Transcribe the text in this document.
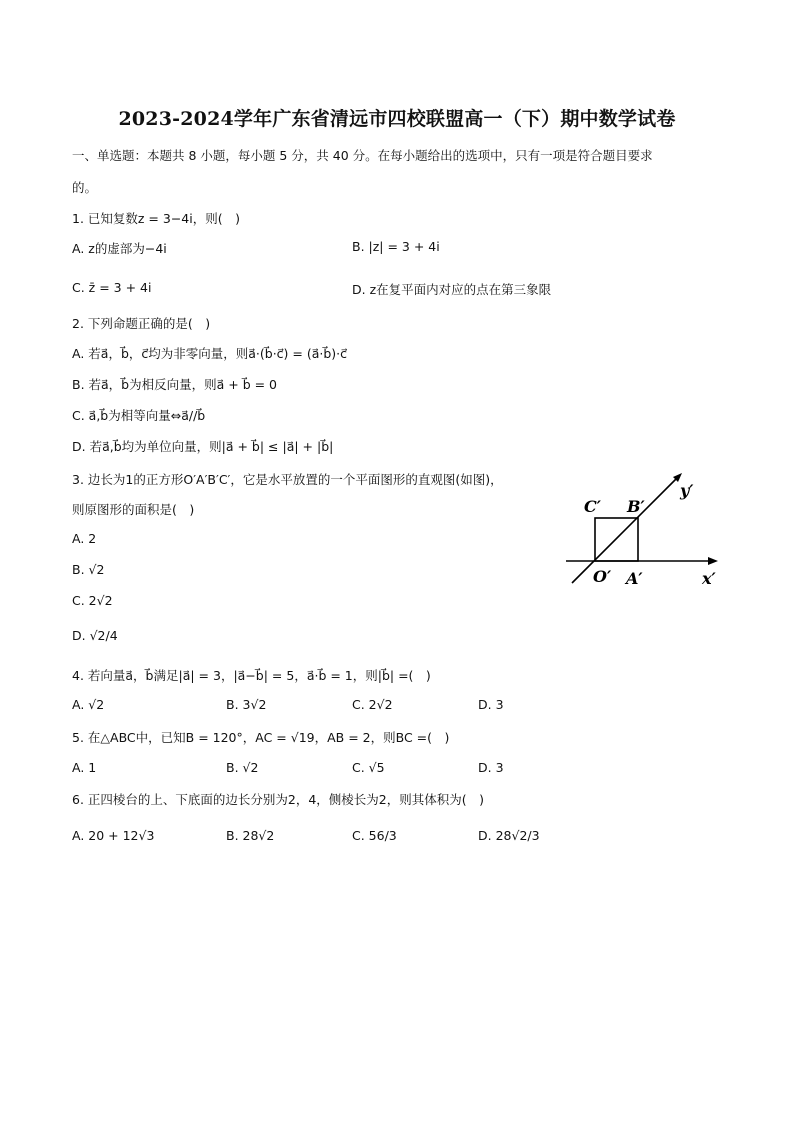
2023-2024学年广东省清远市四校联盟高一（下）期中数学试卷
一、单选题：本题共 8 小题，每小题 5 分，共 40 分。在每小题给出的选项中，只有一项是符合题目要求
的。
1. 已知复数z = 3−4i，则(　)
A. z的虚部为−4i	B. |z| = 3 + 4i
C. z̄ = 3 + 4i	D. z在复平面内对应的点在第三象限
2. 下列命题正确的是(　)
A. 若a⃗，b⃗，c⃗均为非零向量，则a⃗·(b⃗·c⃗) = (a⃗·b⃗)·c⃗
B. 若a⃗，b⃗为相反向量，则a⃗ + b⃗ = 0
C. a⃗,b⃗为相等向量⇔a⃗//b⃗
D. 若a⃗,b⃗均为单位向量，则|a⃗ + b⃗| ≤ |a⃗| + |b⃗|
3. 边长为1的正方形O′A′B′C′，它是水平放置的一个平面图形的直观图(如图)，
则原图形的面积是(　)
A. 2
B. √2
C. 2√2
D. √2/4
C′ B′
O′ A′	x′
y′
4. 若向量a⃗，b⃗满足|a⃗| = 3，|a⃗−b⃗| = 5，a⃗·b⃗ = 1，则|b⃗| =(　)
A. √2	B. 3√2	C. 2√2	D. 3
5. 在△ABC中，已知B = 120°，AC = √19，AB = 2，则BC =(　)
A. 1	B. √2	C. √5	D. 3
6. 正四棱台的上、下底面的边长分别为2，4，侧棱长为2，则其体积为(　)
A. 20 + 12√3	B. 28√2	C. 56/3	D. 28√2/3
